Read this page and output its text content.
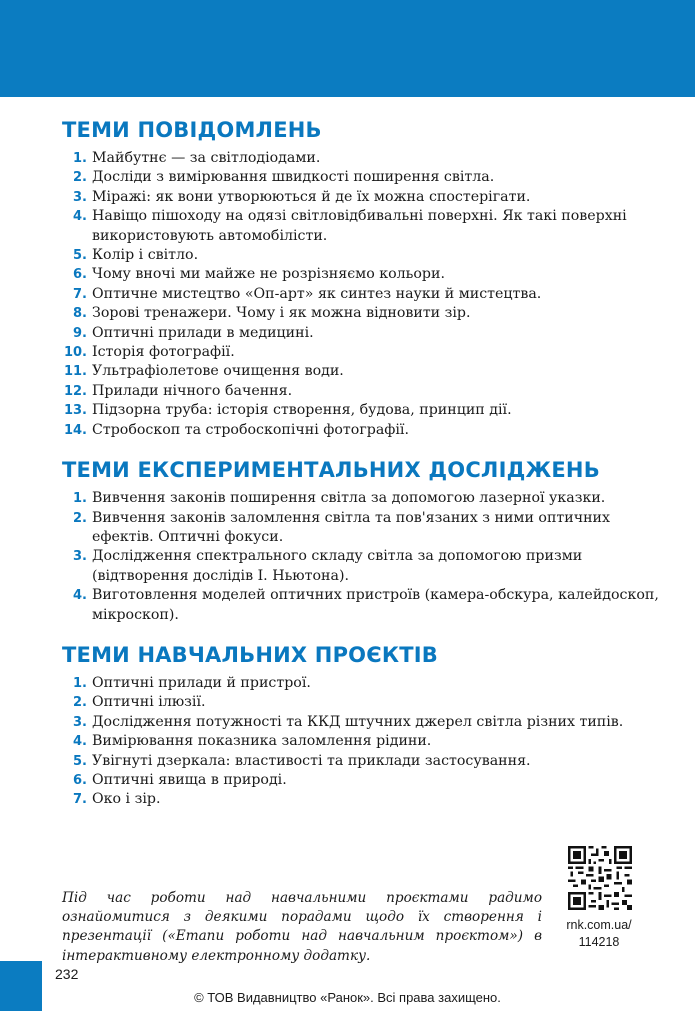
ТЕМИ ПОВІДОМЛЕНЬ
1. Майбутнє — за світлодіодами.
2. Досліди з вимірювання швидкості поширення світла.
3. Міражі: як вони утворюються й де їх можна спостерігати.
4. Навіщо пішоходу на одязі світловідбивальні поверхні. Як такі поверхні використовують автомобілісти.
5. Колір і світло.
6. Чому вночі ми майже не розрізняємо кольори.
7. Оптичне мистецтво «Оп-арт» як синтез науки й мистецтва.
8. Зорові тренажери. Чому і як можна відновити зір.
9. Оптичні прилади в медицині.
10. Історія фотографії.
11. Ультрафіолетове очищення води.
12. Прилади нічного бачення.
13. Підзорна труба: історія створення, будова, принцип дії.
14. Стробоскоп та стробоскопічні фотографії.
ТЕМИ ЕКСПЕРИМЕНТАЛЬНИХ ДОСЛІДЖЕНЬ
1. Вивчення законів поширення світла за допомогою лазерної указки.
2. Вивчення законів заломлення світла та пов'язаних з ними оптичних ефектів. Оптичні фокуси.
3. Дослідження спектрального складу світла за допомогою призми (відтворення дослідів І. Ньютона).
4. Виготовлення моделей оптичних пристроїв (камера-обскура, калейдоскоп, мікроскоп).
ТЕМИ НАВЧАЛЬНИХ ПРОЄКТІВ
1. Оптичні прилади й пристрої.
2. Оптичні ілюзії.
3. Дослідження потужності та ККД штучних джерел світла різних типів.
4. Вимірювання показника заломлення рідини.
5. Увігнуті дзеркала: властивості та приклади застосування.
6. Оптичні явища в природі.
7. Око і зір.

Під час роботи над навчальними проєктами радимо ознайомитися з деякими порадами щодо їх створення і презентації («Етапи роботи над навчальним проєктом») в інтерактивному електронному додатку.

rnk.com.ua/
114218
232
© ТОВ Видавництво «Ранок». Всі права захищено.
